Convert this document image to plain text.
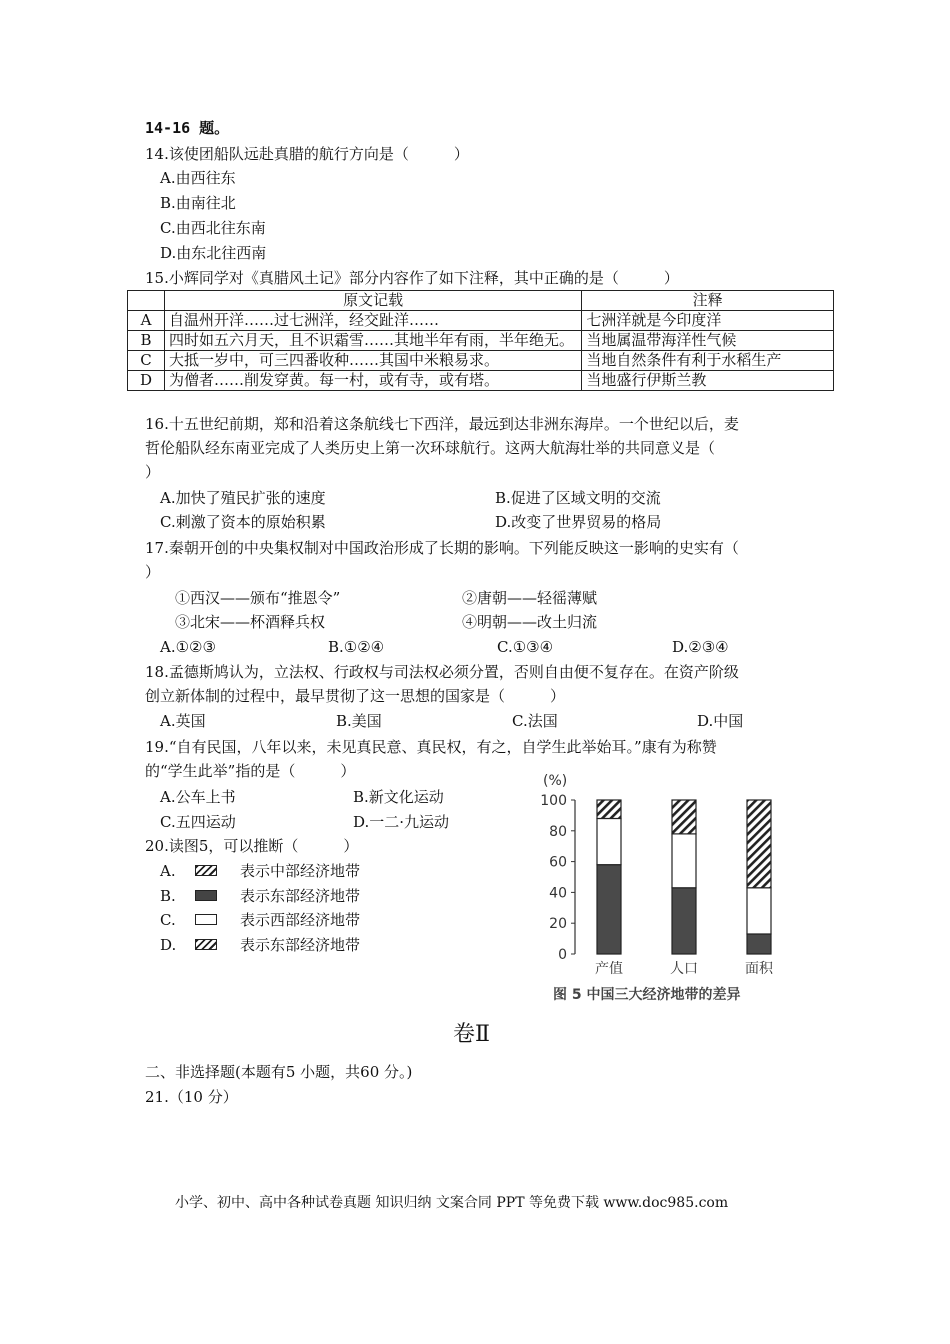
14-16 题。
14.该使团船队远赴真腊的航行方向是（　　　）
A.由西往东
B.由南往北
C.由西北往东南
D.由东北往西南
15.小辉同学对《真腊风土记》部分内容作了如下注释，其中正确的是（　　　）
	原文记载	注释
A	自温州开洋……过七洲洋，经交趾洋……	七洲洋就是今印度洋
B	四时如五六月天，且不识霜雪……其地半年有雨，半年绝无。	当地属温带海洋性气候
C	大抵一岁中，可三四番收种……其国中米粮易求。	当地自然条件有利于水稻生产
D	为僧者……削发穿黄。每一村，或有寺，或有塔。	当地盛行伊斯兰教
16.十五世纪前期，郑和沿着这条航线七下西洋，最远到达非洲东海岸。一个世纪以后，麦
哲伦船队经东南亚完成了人类历史上第一次环球航行。这两大航海壮举的共同意义是（
）
A.加快了殖民扩张的速度	B.促进了区域文明的交流
C.刺激了资本的原始积累	D.改变了世界贸易的格局
17.秦朝开创的中央集权制对中国政治形成了长期的影响。下列能反映这一影响的史实有（
）
①西汉——颁布“推恩令”	②唐朝——轻徭薄赋
③北宋——杯酒释兵权	④明朝——改土归流
A.①②③	B.①②④	C.①③④	D.②③④
18.孟德斯鸠认为，立法权、行政权与司法权必须分置，否则自由便不复存在。在资产阶级
创立新体制的过程中，最早贯彻了这一思想的国家是（　　　）
A.英国	B.美国	C.法国	D.中国
19.“自有民国，八年以来，未见真民意、真民权，有之，自学生此举始耳。”康有为称赞
的“学生此举”指的是（　　　）
A.公车上书	B.新文化运动
C.五四运动	D.一二·九运动
20.读图5，可以推断（　　　）
A.	表示中部经济地带
B.	表示东部经济地带
C.	表示西部经济地带
D.	表示东部经济地带
(%)
0
20
40
60
80
100
产值	人口	面积
图 5 中国三大经济地带的差异
卷Ⅱ
二、非选择题(本题有5 小题，共60 分。)
21.（10 分）
小学、初中、高中各种试卷真题 知识归纳 文案合同 PPT 等免费下载 www.doc985.com
